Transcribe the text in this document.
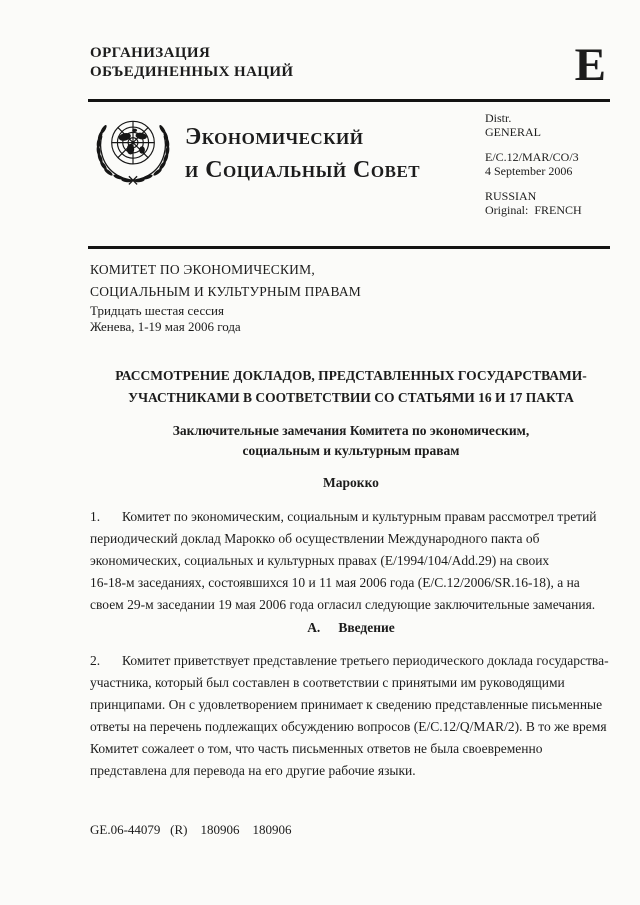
ОРГАНИЗАЦИЯ
ОБЪЕДИНЕННЫХ НАЦИЙ	E
Экономический
и Социальный Совет
Distr.
GENERAL
E/C.12/MAR/CO/3
4 September 2006
RUSSIAN
Original:  FRENCH
КОМИТЕТ ПО ЭКОНОМИЧЕСКИМ,
СОЦИАЛЬНЫМ И КУЛЬТУРНЫМ ПРАВАМ
Тридцать шестая сессия
Женева, 1-19 мая 2006 года
РАССМОТРЕНИЕ ДОКЛАДОВ, ПРЕДСТАВЛЕННЫХ ГОСУДАРСТВАМИ-
УЧАСТНИКАМИ В СООТВЕТСТВИИ СО СТАТЬЯМИ 16 И 17 ПАКТА
Заключительные замечания Комитета по экономическим,
социальным и культурным правам
Марокко
1. Комитет по экономическим, социальным и культурным правам рассмотрел третий
периодический доклад Марокко об осуществлении Международного пакта об
экономических, социальных и культурных правах (E/1994/104/Add.29) на своих
16-18-м заседаниях, состоявшихся 10 и 11 мая 2006 года (E/C.12/2006/SR.16-18), а на
своем 29-м заседании 19 мая 2006 года огласил следующие заключительные замечания.
А. Введение
2. Комитет приветствует представление третьего периодического доклада государства-
участника, который был составлен в соответствии с принятыми им руководящими
принципами. Он с удовлетворением принимает к сведению представленные письменные
ответы на перечень подлежащих обсуждению вопросов (E/C.12/Q/MAR/2). В то же время
Комитет сожалеет о том, что часть письменных ответов не была своевременно
представлена для перевода на его другие рабочие языки.
GE.06-44079   (R)    180906    180906
